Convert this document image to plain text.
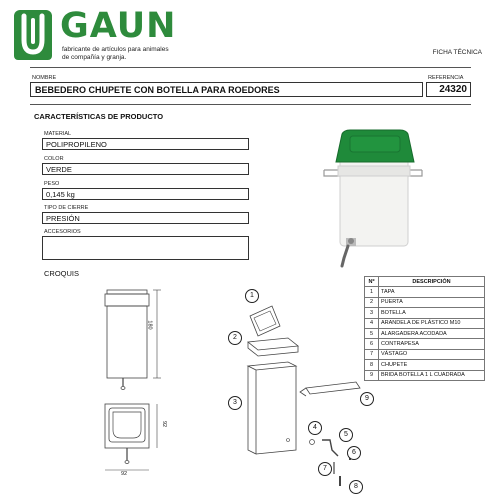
GAUN
fabricante de artículos para animales
de compañía y granja.
FICHA TÉCNICA
NOMBRE	REFERENCIA
BEBEDERO CHUPETE CON BOTELLA PARA ROEDORES	24320
CARACTERÍSTICAS DE PRODUCTO
MATERIAL
POLIPROPILENO
COLOR
VERDE
PESO
0,145 kg
TIPO DE CIERRE
PRESIÓN
ACCESORIOS
CROQUIS
180
92
92
1
2
3
4
5
6
7
8
9
Nº	DESCRIPCIÓN
1	TAPA
2	PUERTA
3	BOTELLA
4	ARANDELA DE PLÁSTICO M10
5	ALARGADERA ACODADA
6	CONTRAPESA
7	VÁSTAGO
8	CHUPETE
9	BRIDA BOTELLA 1 L CUADRADA
